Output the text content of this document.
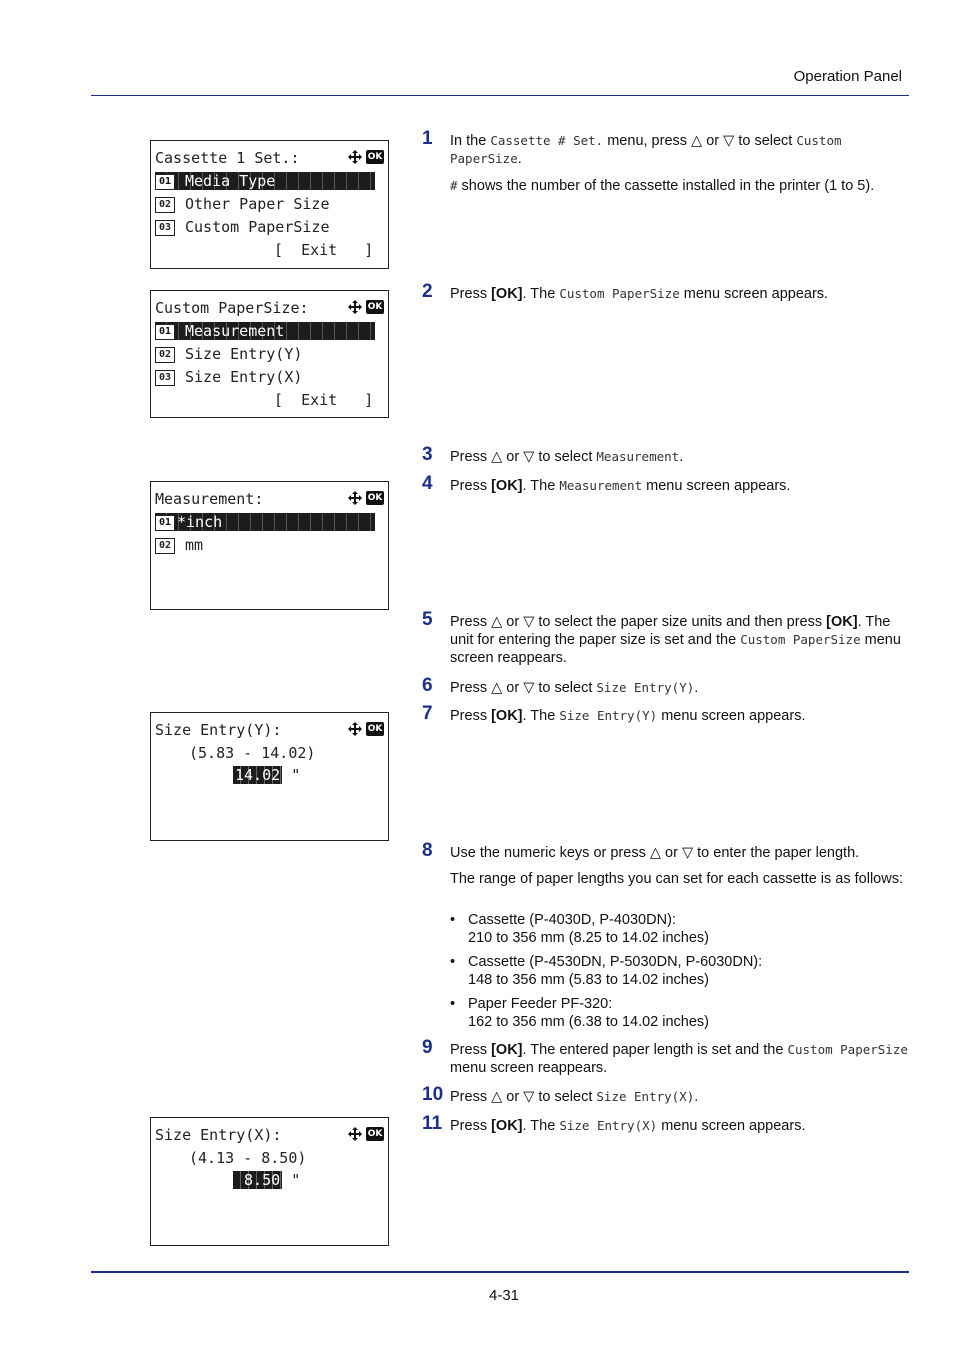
Operation Panel
Cassette 1 Set.:	OK
01 Media Type
02 Other Paper Size
03 Custom PaperSize
[  Exit   ]
Custom PaperSize:	OK
01 Measurement
02 Size Entry(Y)
03 Size Entry(X)
[  Exit   ]
Measurement:	OK
01 *inch
02 mm
Size Entry(Y):	OK
(5.83 - 14.02)
14.02 "
Size Entry(X):	OK
(4.13 - 8.50)
8.50 "
1 In the Cassette # Set. menu, press △ or ▽ to select Custom PaperSize.
# shows the number of the cassette installed in the printer (1 to 5).
2 Press [OK]. The Custom PaperSize menu screen appears.
3 Press △ or ▽ to select Measurement.
4 Press [OK]. The Measurement menu screen appears.
5 Press △ or ▽ to select the paper size units and then press [OK]. The unit for entering the paper size is set and the Custom PaperSize menu screen reappears.
6 Press △ or ▽ to select Size Entry(Y).
7 Press [OK]. The Size Entry(Y) menu screen appears.
8 Use the numeric keys or press △ or ▽ to enter the paper length.
The range of paper lengths you can set for each cassette is as follows:
• Cassette (P-4030D, P-4030DN):
210 to 356 mm (8.25 to 14.02 inches)
• Cassette (P-4530DN, P-5030DN, P-6030DN):
148 to 356 mm (5.83 to 14.02 inches)
• Paper Feeder PF-320:
162 to 356 mm (6.38 to 14.02 inches)
9 Press [OK]. The entered paper length is set and the Custom PaperSize menu screen reappears.
10 Press △ or ▽ to select Size Entry(X).
11 Press [OK]. The Size Entry(X) menu screen appears.
4-31
